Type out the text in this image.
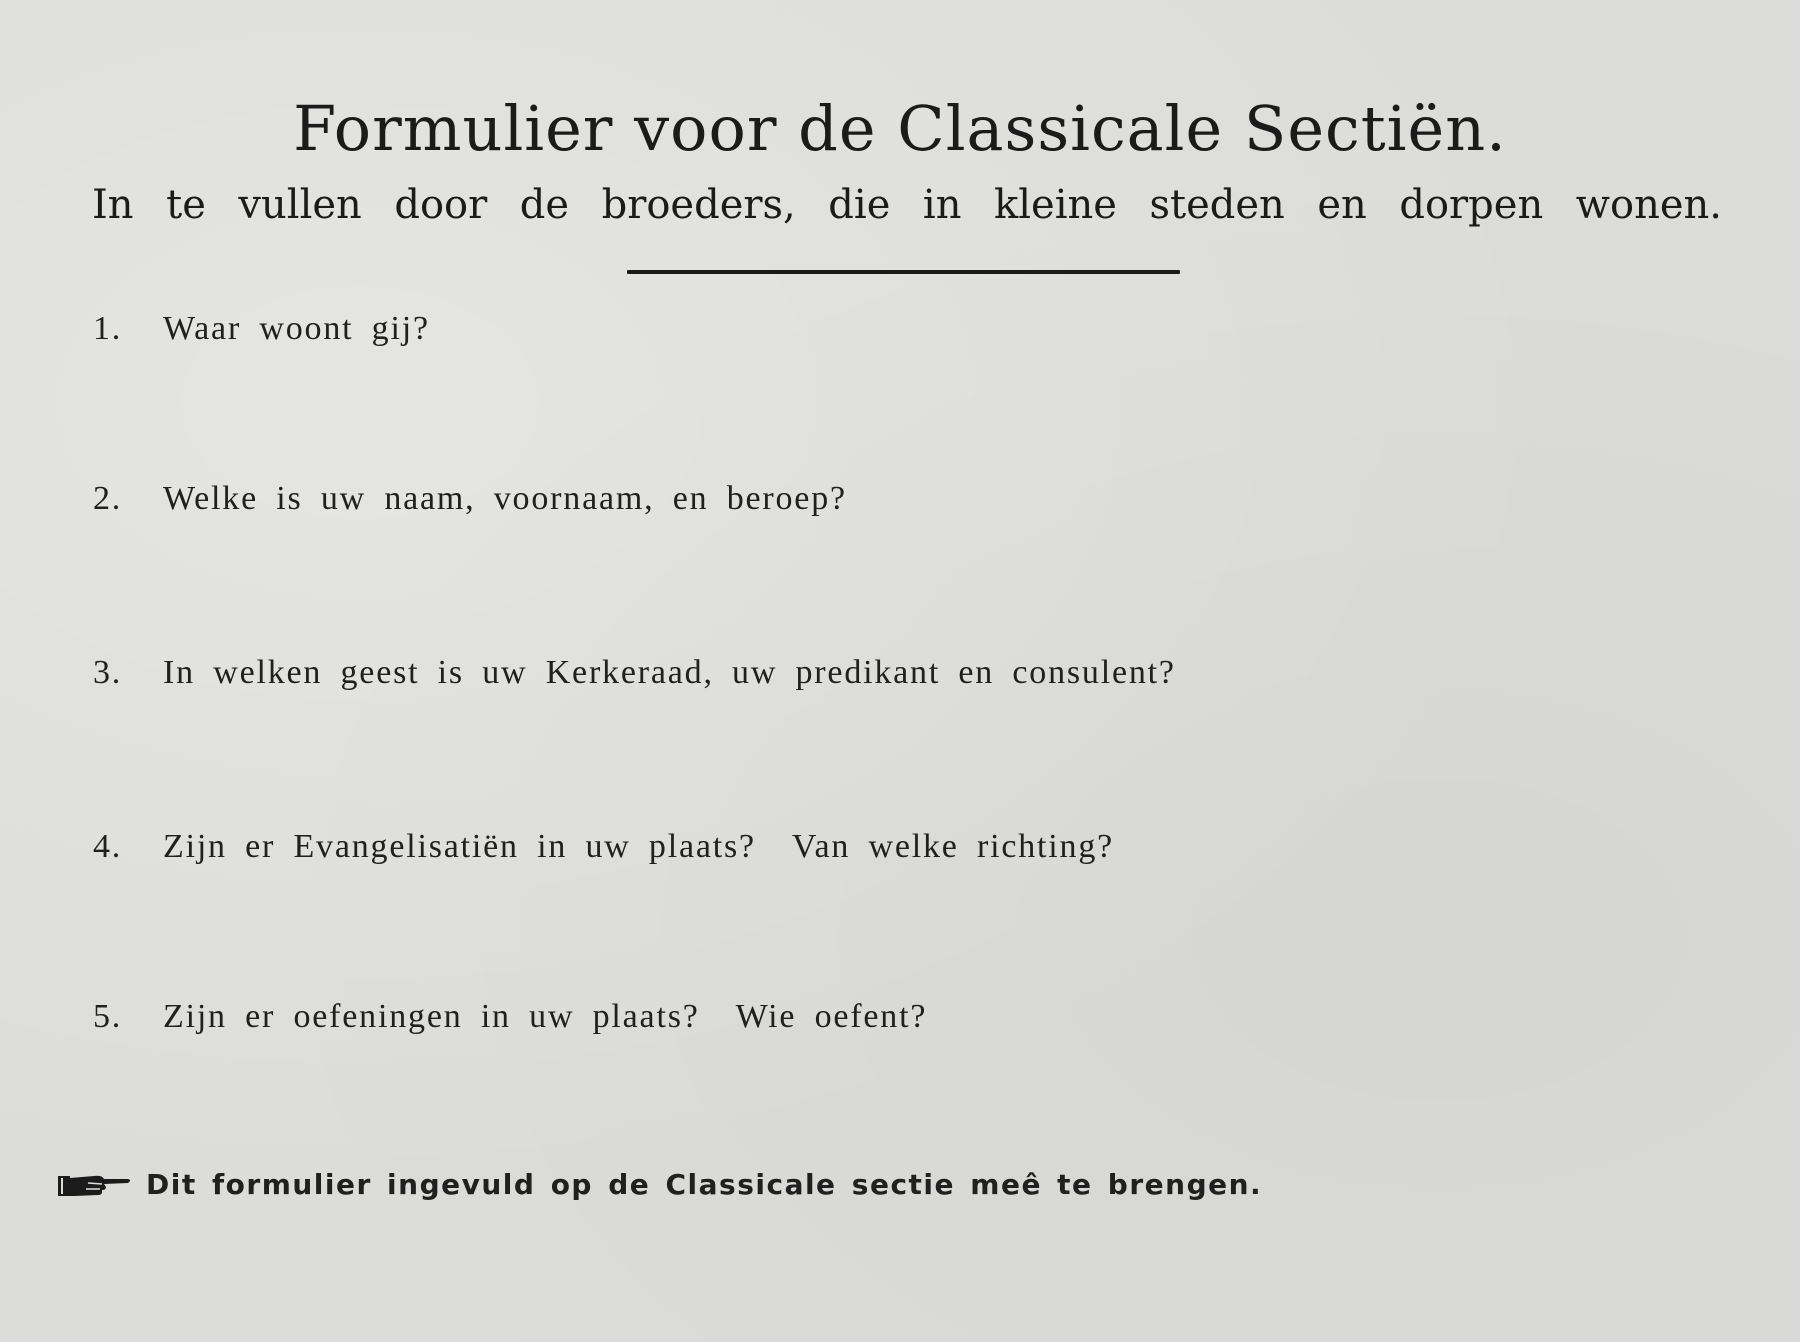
Formulier voor de Classicale Sectiën.
In te vullen door de broeders, die in kleine steden en dorpen wonen.
1. Waar woont gij?
2. Welke is uw naam, voornaam, en beroep?
3. In welken geest is uw Kerkeraad, uw predikant en consulent?
4. Zijn er Evangelisatiën in uw plaats?  Van welke richting?
5. Zijn er oefeningen in uw plaats?  Wie oefent?
Dit formulier ingevuld op de Classicale sectie meê te brengen.
